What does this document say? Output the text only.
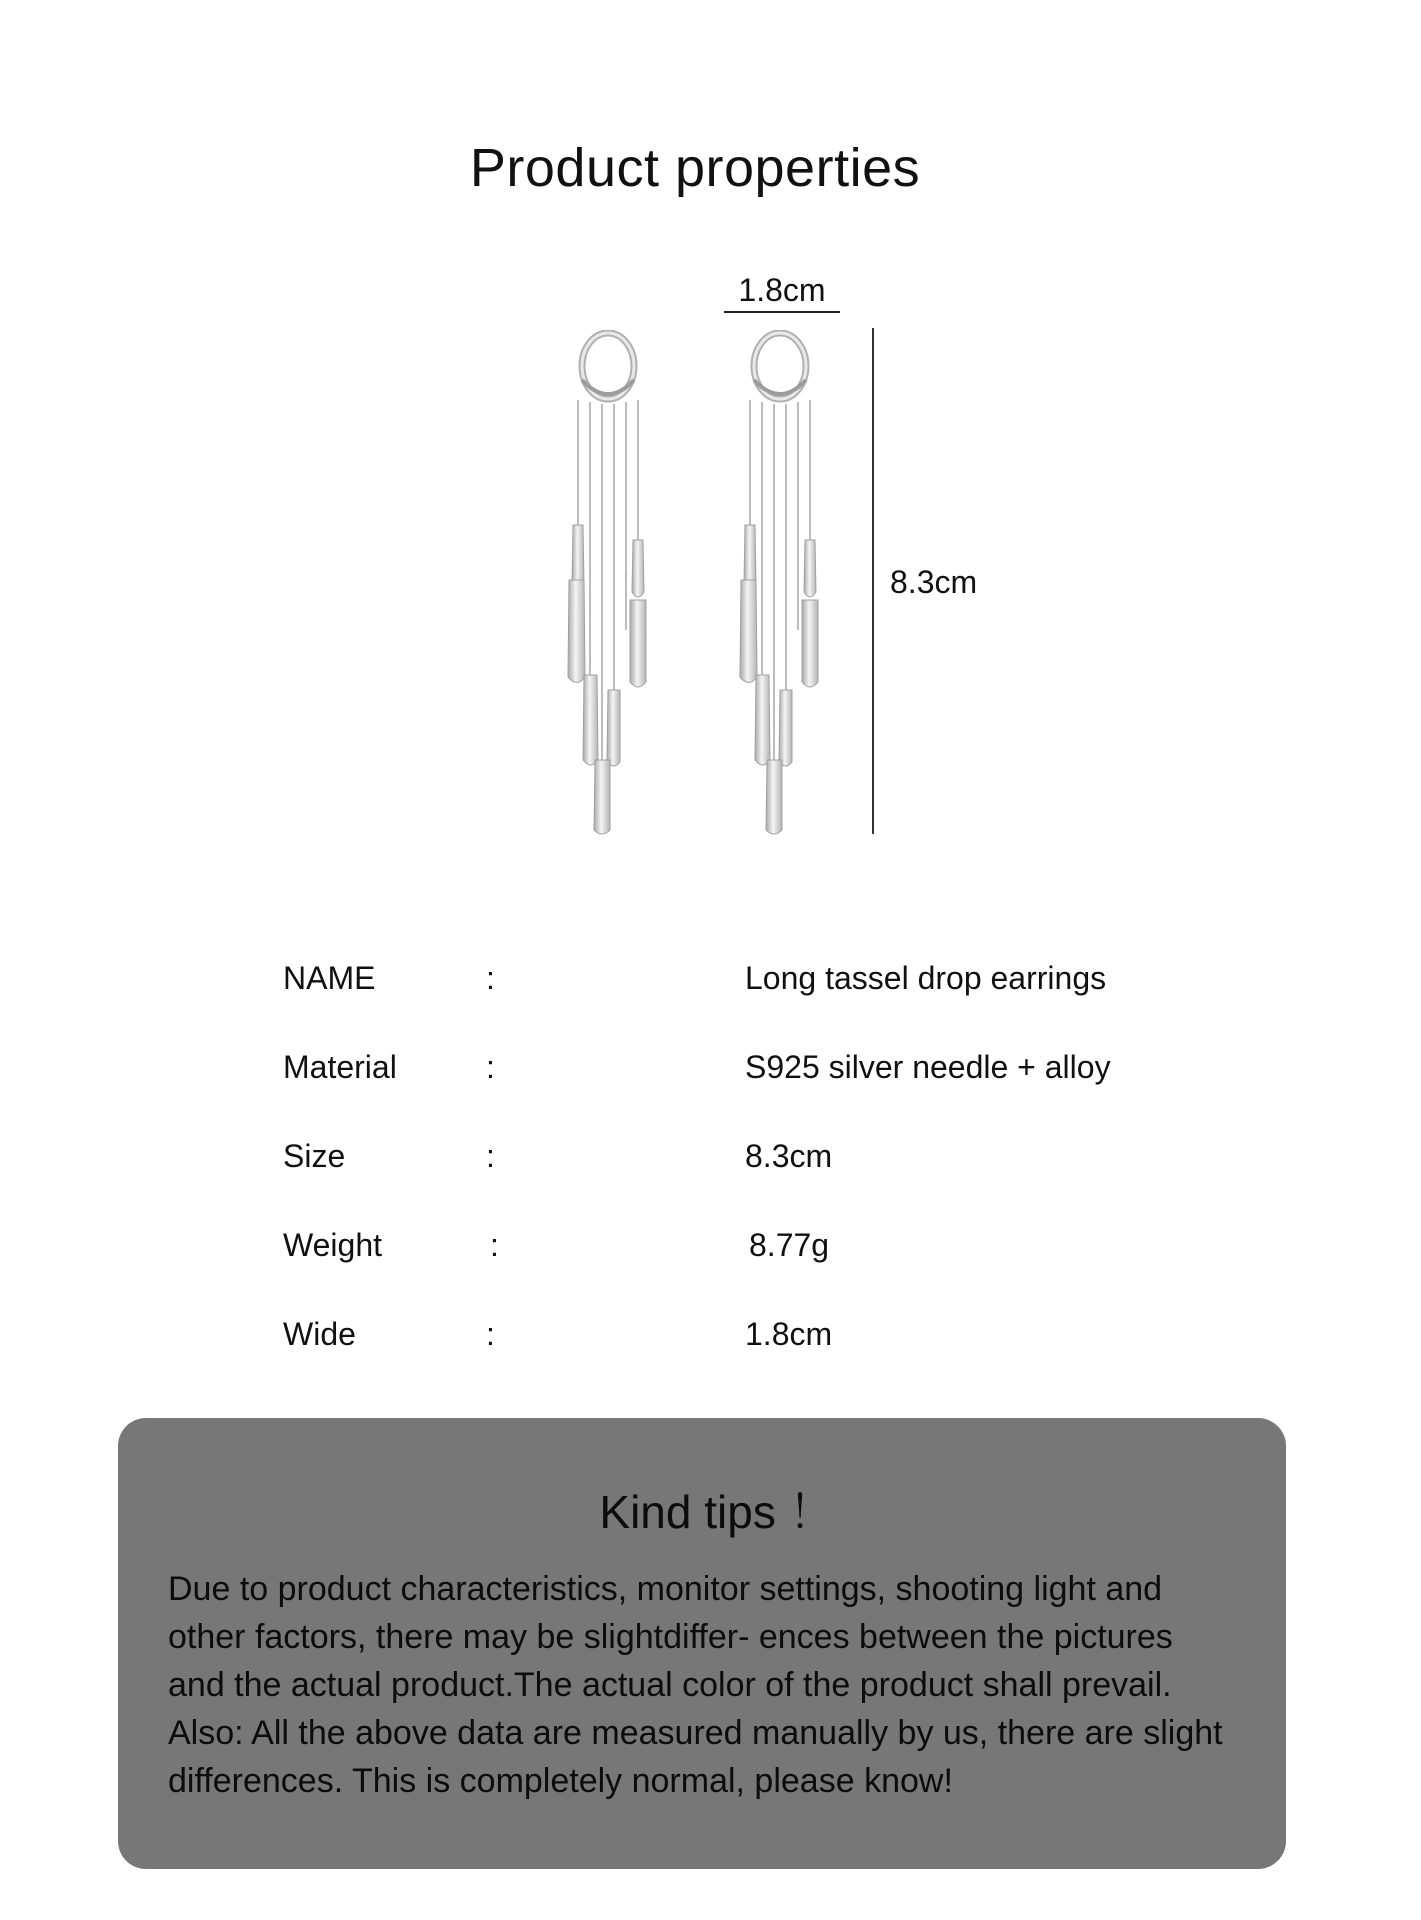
Product properties
1.8cm
8.3cm
NAME	:	Long tassel drop earrings
Material	:	S925 silver needle + alloy
Size	:	8.3cm
Weight	:	8.77g
Wide	:	1.8cm
Kind tips ！
Due to product characteristics, monitor settings, shooting light and
other factors, there may be slightdiffer- ences between the pictures
and the actual product.The actual color of the product shall prevail.
Also: All the above data are measured manually by us, there are slight
differences. This is completely normal, please know!
